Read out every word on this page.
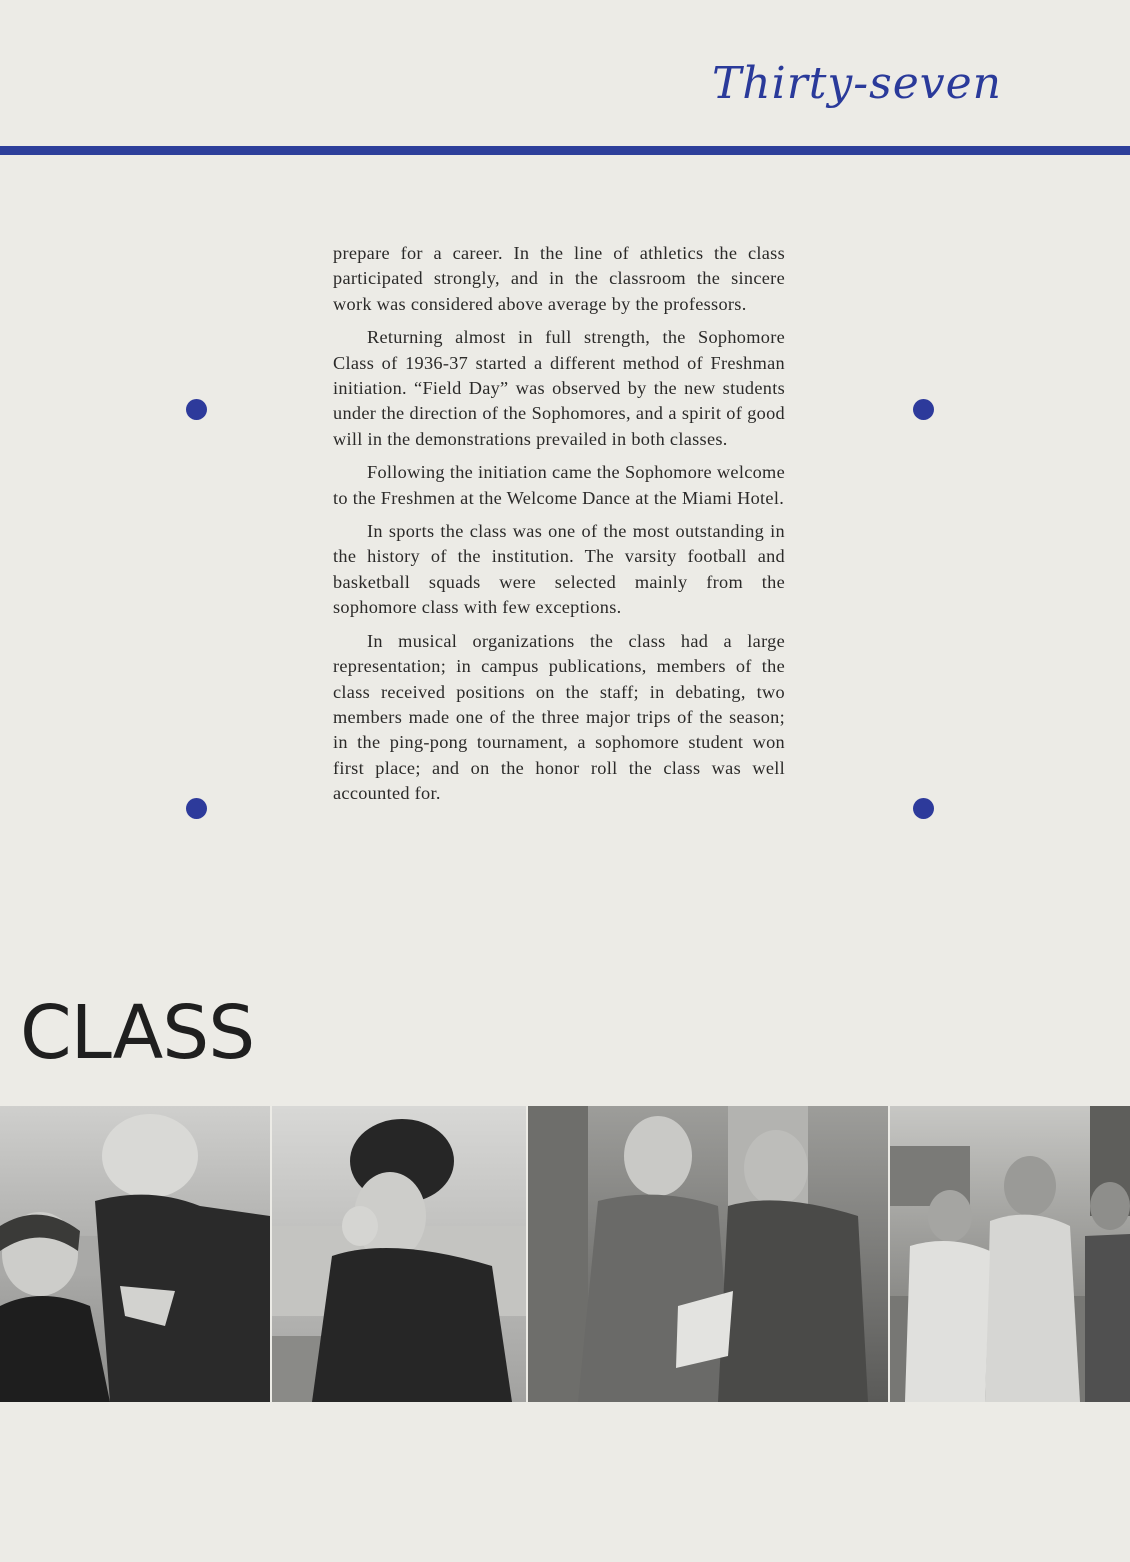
Thirty-seven

prepare for a career. In the line of athletics the class participated strongly, and in the classroom the sincere work was considered above average by the professors.

Returning almost in full strength, the Sophomore Class of 1936-37 started a different method of Freshman initiation. “Field Day” was observed by the new students under the direction of the Sophomores, and a spirit of good will in the demonstrations prevailed in both classes.

Following the initiation came the Sophomore welcome to the Freshmen at the Welcome Dance at the Miami Hotel.

In sports the class was one of the most outstanding in the history of the institution. The varsity football and basketball squads were selected mainly from the sophomore class with few exceptions.

In musical organizations the class had a large representation; in campus publications, members of the class received positions on the staff; in debating, two members made one of the three major trips of the season; in the ping-pong tournament, a sophomore student won first place; and on the honor roll the class was well accounted for.

CLASS
